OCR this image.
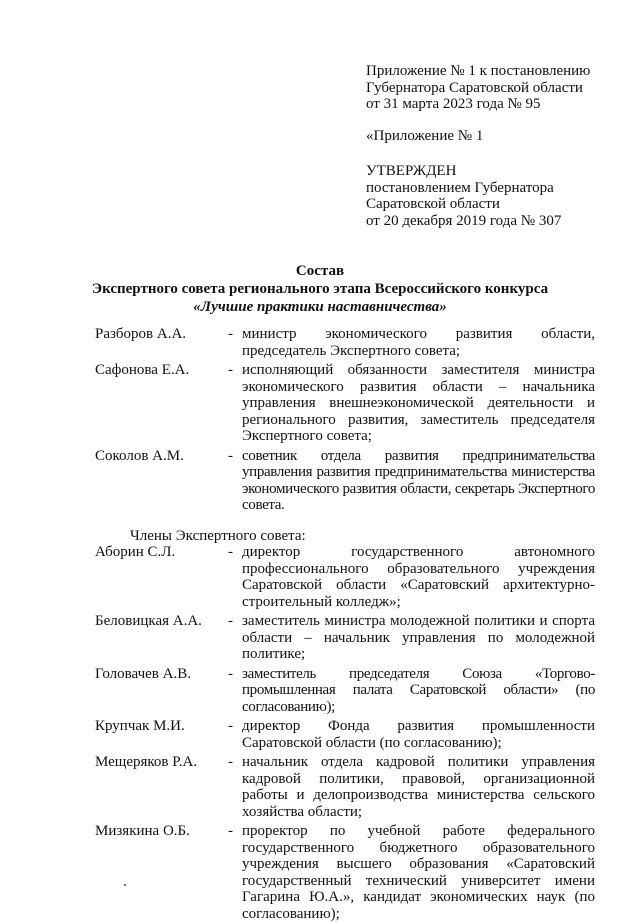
Приложение № 1 к постановлению
Губернатора Саратовской области
от 31 марта 2023 года № 95
«Приложение № 1
УТВЕРЖДЕН
постановлением Губернатора
Саратовской области
от 20 декабря 2019 года № 307
Состав
Экспертного совета регионального этапа Всероссийского конкурса
«Лучшие практики наставничества»
Разборов А.А.	- министр экономического развития области, председатель Экспертного совета;
Сафонова Е.А.	- исполняющий обязанности заместителя министра экономического развития области – начальника управления внешнеэкономической деятельности и регионального развития, заместитель председателя Экспертного совета;
Соколов А.М.	- советник отдела развития предпринимательства управления развития предпринимательства министерства экономического развития области, секретарь Экспертного совета.
Члены Экспертного совета:
Аборин С.Л.	- директор государственного автономного профессионального образовательного учреждения Саратовской области «Саратовский архитектурно-строительный колледж»;
Беловицкая А.А.	- заместитель министра молодежной политики и спорта области – начальник управления по молодежной политике;
Головачев А.В.	- заместитель председателя Союза «Торгово-промышленная палата Саратовской области» (по согласованию);
Крупчак М.И.	- директор Фонда развития промышленности Саратовской области (по согласованию);
Мещеряков Р.А.	- начальник отдела кадровой политики управления кадровой политики, правовой, организационной работы и делопроизводства министерства сельского хозяйства области;
Мизякина О.Б.	- проректор по учебной работе федерального государственного бюджетного образовательного учреждения высшего образования «Саратовский государственный технический университет имени Гагарина Ю.А.», кандидат экономических наук (по согласованию);
